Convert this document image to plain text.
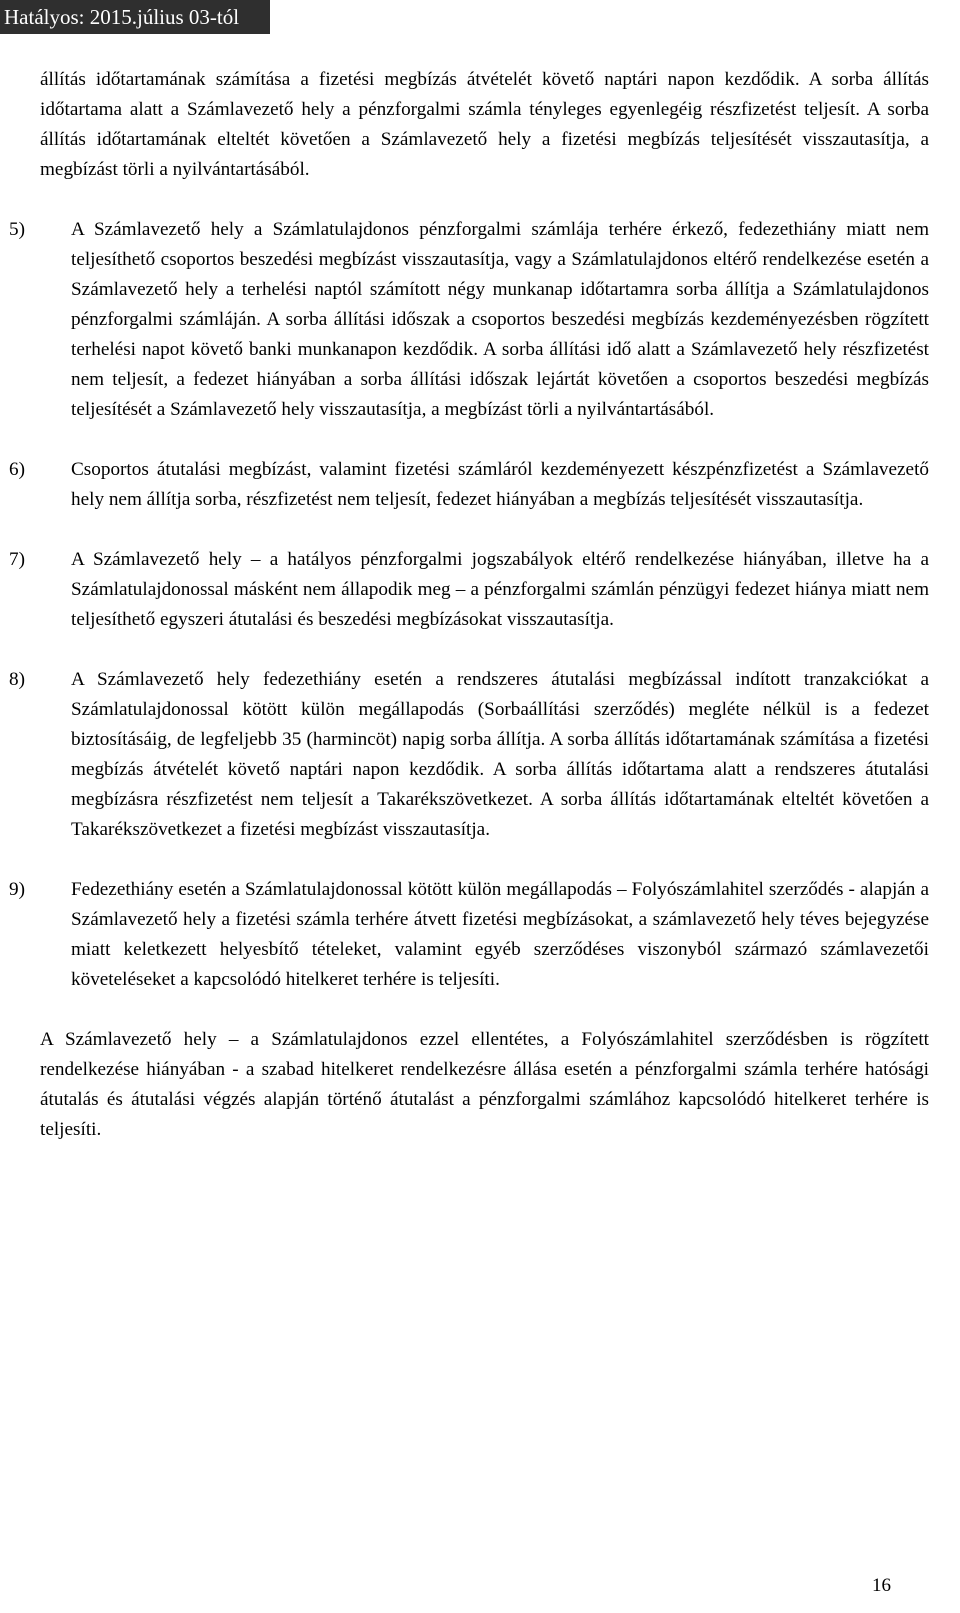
Hatályos: 2015.július 03-tól

állítás időtartamának számítása a fizetési megbízás átvételét követő naptári napon kezdődik. A sorba állítás időtartama alatt a Számlavezető hely a pénzforgalmi számla tényleges egyenlegéig részfizetést teljesít. A sorba állítás időtartamának elteltét követően a Számlavezető hely a fizetési megbízás teljesítését visszautasítja, a megbízást törli a nyilvántartásából.

5) A Számlavezető hely a Számlatulajdonos pénzforgalmi számlája terhére érkező, fedezethiány miatt nem teljesíthető csoportos beszedési megbízást visszautasítja, vagy a Számlatulajdonos eltérő rendelkezése esetén a Számlavezető hely a terhelési naptól számított négy munkanap időtartamra sorba állítja a Számlatulajdonos pénzforgalmi számláján. A sorba állítási időszak a csoportos beszedési megbízás kezdeményezésben rögzített terhelési napot követő banki munkanapon kezdődik. A sorba állítási idő alatt a Számlavezető hely részfizetést nem teljesít, a fedezet hiányában a sorba állítási időszak lejártát követően a csoportos beszedési megbízás teljesítését a Számlavezető hely visszautasítja, a megbízást törli a nyilvántartásából.
6) Csoportos átutalási megbízást, valamint fizetési számláról kezdeményezett készpénzfizetést a Számlavezető hely nem állítja sorba, részfizetést nem teljesít, fedezet hiányában a megbízás teljesítését visszautasítja.
7) A Számlavezető hely – a hatályos pénzforgalmi jogszabályok eltérő rendelkezése hiányában, illetve ha a Számlatulajdonossal másként nem állapodik meg – a pénzforgalmi számlán pénzügyi fedezet hiánya miatt nem teljesíthető egyszeri átutalási és beszedési megbízásokat visszautasítja.
8) A Számlavezető hely fedezethiány esetén a rendszeres átutalási megbízással indított tranzakciókat a Számlatulajdonossal kötött külön megállapodás (Sorbaállítási szerződés) megléte nélkül is a fedezet biztosításáig, de legfeljebb 35 (harmincöt) napig sorba állítja. A sorba állítás időtartamának számítása a fizetési megbízás átvételét követő naptári napon kezdődik. A sorba állítás időtartama alatt a rendszeres átutalási megbízásra részfizetést nem teljesít a Takarékszövetkezet. A sorba állítás időtartamának elteltét követően a Takarékszövetkezet a fizetési megbízást visszautasítja.
9) Fedezethiány esetén a Számlatulajdonossal kötött külön megállapodás – Folyószámlahitel szerződés - alapján a Számlavezető hely a fizetési számla terhére átvett fizetési megbízásokat, a számlavezető hely téves bejegyzése miatt keletkezett helyesbítő tételeket, valamint egyéb szerződéses viszonyból származó számlavezetői követeléseket a kapcsolódó hitelkeret terhére is teljesíti.

A Számlavezető hely – a Számlatulajdonos ezzel ellentétes, a Folyószámlahitel szerződésben is rögzített rendelkezése hiányában - a szabad hitelkeret rendelkezésre állása esetén a pénzforgalmi számla terhére hatósági átutalás és átutalási végzés alapján történő átutalást a pénzforgalmi számlához kapcsolódó hitelkeret terhére is teljesíti.

16
